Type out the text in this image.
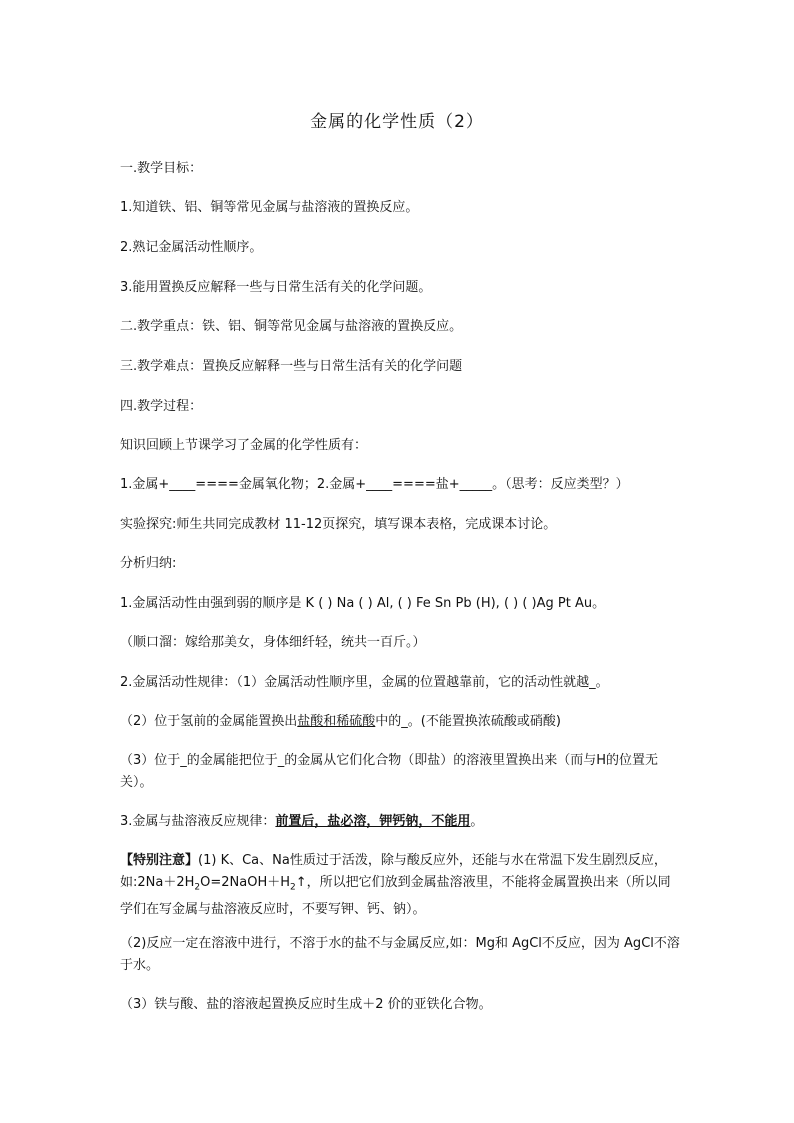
金属的化学性质（2）

一.教学目标：

1.知道铁、铝、铜等常见金属与盐溶液的置换反应。

2.熟记金属活动性顺序。

3.能用置换反应解释一些与日常生活有关的化学问题。

二.教学重点：铁、铝、铜等常见金属与盐溶液的置换反应。

三.教学难点：置换反应解释一些与日常生活有关的化学问题

四.教学过程：

知识回顾上节课学习了金属的化学性质有：

1.金属+____====金属氧化物；2.金属+____====盐+_____。（思考：反应类型？）

实验探究:师生共同完成教材 11-12页探究，填写课本表格，完成课本讨论。

分析归纳:

1.金属活动性由强到弱的顺序是 K ( ) Na ( ) Al, ( ) Fe Sn Pb (H), ( ) ( )Ag Pt Au。

（顺口溜：嫁给那美女，身体细纤轻，统共一百斤。）

2.金属活动性规律：（1）金属活动性顺序里，金属的位置越靠前，它的活动性就越_。

（2）位于氢前的金属能置换出盐酸和稀硫酸中的_。(不能置换浓硫酸或硝酸)

（3）位于_的金属能把位于_的金属从它们化合物（即盐）的溶液里置换出来（而与H的位置无关）。

3.金属与盐溶液反应规律：前置后，盐必溶，钾钙钠，不能用。

【特别注意】(1) K、Ca、Na性质过于活泼，除与酸反应外，还能与水在常温下发生剧烈反应，如$:2Na+2H_2O=2NaOH+H_2↑$，所以把它们放到金属盐溶液里，不能将金属置换出来（所以同学们在写金属与盐溶液反应时，不要写钾、钙、钠）。

（2)反应一定在溶液中进行，不溶于水的盐不与金属反应,如：Mg和 AgCl不反应，因为 AgCl不溶于水。

（3）铁与酸、盐的溶液起置换反应时生成＋2 价的亚铁化合物。
